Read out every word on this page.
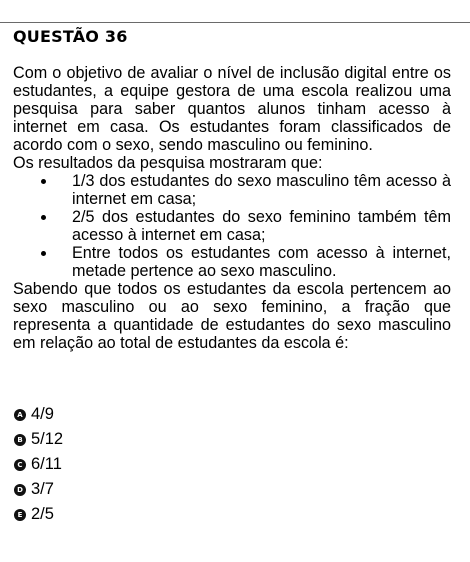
QUESTÃO 36

Com o objetivo de avaliar o nível de inclusão digital entre os estudantes, a equipe gestora de uma escola realizou uma pesquisa para saber quantos alunos tinham acesso à internet em casa. Os estudantes foram classificados de acordo com o sexo, sendo masculino ou feminino.

Os resultados da pesquisa mostraram que:

1/3 dos estudantes do sexo masculino têm acesso à internet em casa;
2/5 dos estudantes do sexo feminino também têm acesso à internet em casa;
Entre todos os estudantes com acesso à internet, metade pertence ao sexo masculino.

Sabendo que todos os estudantes da escola pertencem ao sexo masculino ou ao sexo feminino, a fração que representa a quantidade de estudantes do sexo masculino em relação ao total de estudantes da escola é:

A 4/9
B 5/12
C 6/11
D 3/7
E 2/5
